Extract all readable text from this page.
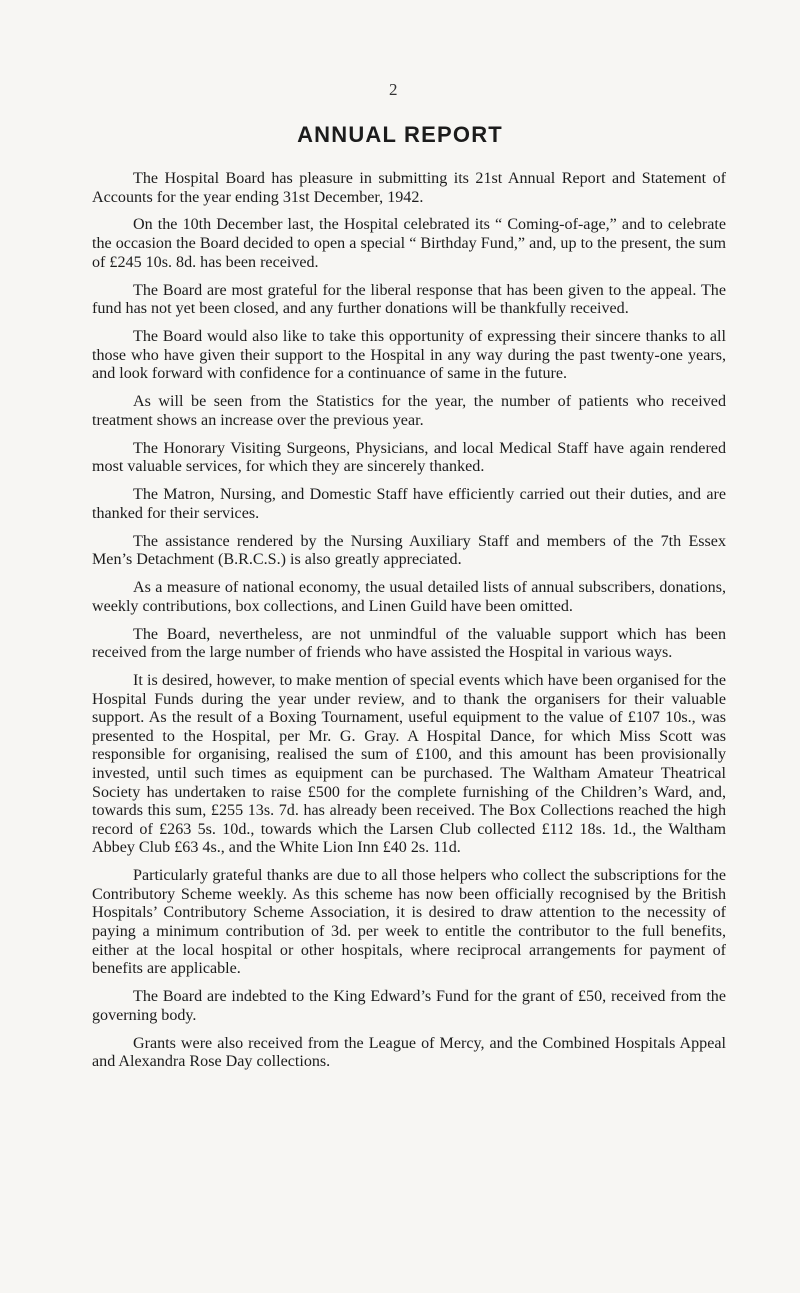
2
ANNUAL REPORT

The Hospital Board has pleasure in submitting its 21st Annual Report and Statement of Accounts for the year ending 31st December, 1942.

On the 10th December last, the Hospital celebrated its “ Coming-of-age,” and to celebrate the occasion the Board decided to open a special “ Birthday Fund,” and, up to the present, the sum of £245 10s. 8d. has been received.

The Board are most grateful for the liberal response that has been given to the appeal. The fund has not yet been closed, and any further donations will be thankfully received.

The Board would also like to take this opportunity of expressing their sincere thanks to all those who have given their support to the Hospital in any way during the past twenty-one years, and look forward with confidence for a continuance of same in the future.

As will be seen from the Statistics for the year, the number of patients who received treatment shows an increase over the previous year.

The Honorary Visiting Surgeons, Physicians, and local Medical Staff have again rendered most valuable services, for which they are sincerely thanked.

The Matron, Nursing, and Domestic Staff have efficiently carried out their duties, and are thanked for their services.

The assistance rendered by the Nursing Auxiliary Staff and members of the 7th Essex Men’s Detachment (B.R.C.S.) is also greatly appreciated.

As a measure of national economy, the usual detailed lists of annual subscribers, donations, weekly contributions, box collections, and Linen Guild have been omitted.

The Board, nevertheless, are not unmindful of the valuable support which has been received from the large number of friends who have assisted the Hospital in various ways.

It is desired, however, to make mention of special events which have been organised for the Hospital Funds during the year under review, and to thank the organisers for their valuable support. As the result of a Boxing Tournament, useful equipment to the value of £107 10s., was presented to the Hospital, per Mr. G. Gray. A Hospital Dance, for which Miss Scott was responsible for organising, realised the sum of £100, and this amount has been provisionally invested, until such times as equipment can be purchased. The Waltham Amateur Theatrical Society has undertaken to raise £500 for the complete furnishing of the Children’s Ward, and, towards this sum, £255 13s. 7d. has already been received. The Box Collections reached the high record of £263 5s. 10d., towards which the Larsen Club collected £112 18s. 1d., the Waltham Abbey Club £63 4s., and the White Lion Inn £40 2s. 11d.

Particularly grateful thanks are due to all those helpers who collect the subscriptions for the Contributory Scheme weekly. As this scheme has now been officially recognised by the British Hospitals’ Contributory Scheme Association, it is desired to draw attention to the necessity of paying a minimum contribution of 3d. per week to entitle the contributor to the full benefits, either at the local hospital or other hospitals, where reciprocal arrangements for payment of benefits are applicable.

The Board are indebted to the King Edward’s Fund for the grant of £50, received from the governing body.

Grants were also received from the League of Mercy, and the Combined Hospitals Appeal and Alexandra Rose Day collections.
